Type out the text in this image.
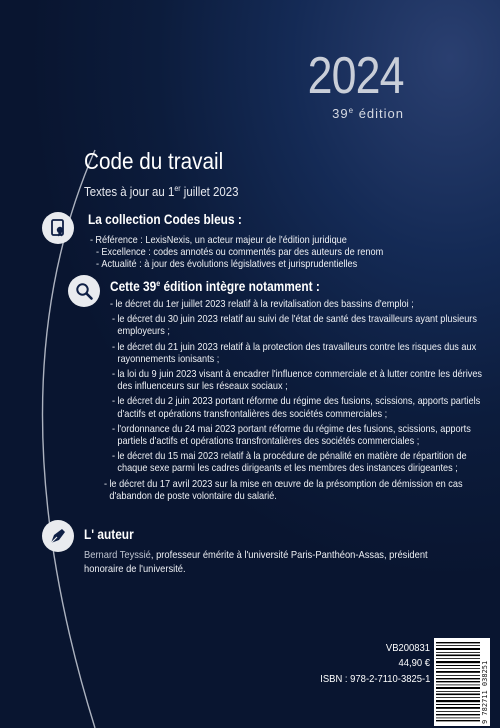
2024
39e édition
Code du travail
Textes à jour au 1er juillet 2023
La collection Codes bleus :
- Référence : LexisNexis, un acteur majeur de l'édition juridique
- Excellence : codes annotés ou commentés par des auteurs de renom
- Actualité : à jour des évolutions législatives et jurisprudentielles
Cette 39e édition intègre notamment :
- le décret du 1er juillet 2023 relatif à la revitalisation des bassins d'emploi ;
- le décret du 30 juin 2023 relatif au suivi de l'état de santé des travailleurs ayant plusieurs employeurs ;
- le décret du 21 juin 2023 relatif à la protection des travailleurs contre les risques dus aux rayonnements ionisants ;
- la loi du 9 juin 2023 visant à encadrer l'influence commerciale et à lutter contre les dérives des influenceurs sur les réseaux sociaux ;
- le décret du 2 juin 2023 portant réforme du régime des fusions, scissions, apports partiels d'actifs et opérations transfrontalières des sociétés commerciales ;
- l'ordonnance du 24 mai 2023 portant réforme du régime des fusions, scissions, apports partiels d'actifs et opérations transfrontalières des sociétés commerciales ;
- le décret du 15 mai 2023 relatif à la procédure de pénalité en matière de répartition de chaque sexe parmi les cadres dirigeants et les membres des instances dirigeantes ;
- le décret du 17 avril 2023 sur la mise en œuvre de la présomption de démission en cas d'abandon de poste volontaire du salarié.
L' auteur
Bernard Teyssié, professeur émérite à l'université Paris-Panthéon-Assas, président honoraire de l'université.
VB200831
44,90 €
ISBN : 978-2-7110-3825-1	9 782711 038251
